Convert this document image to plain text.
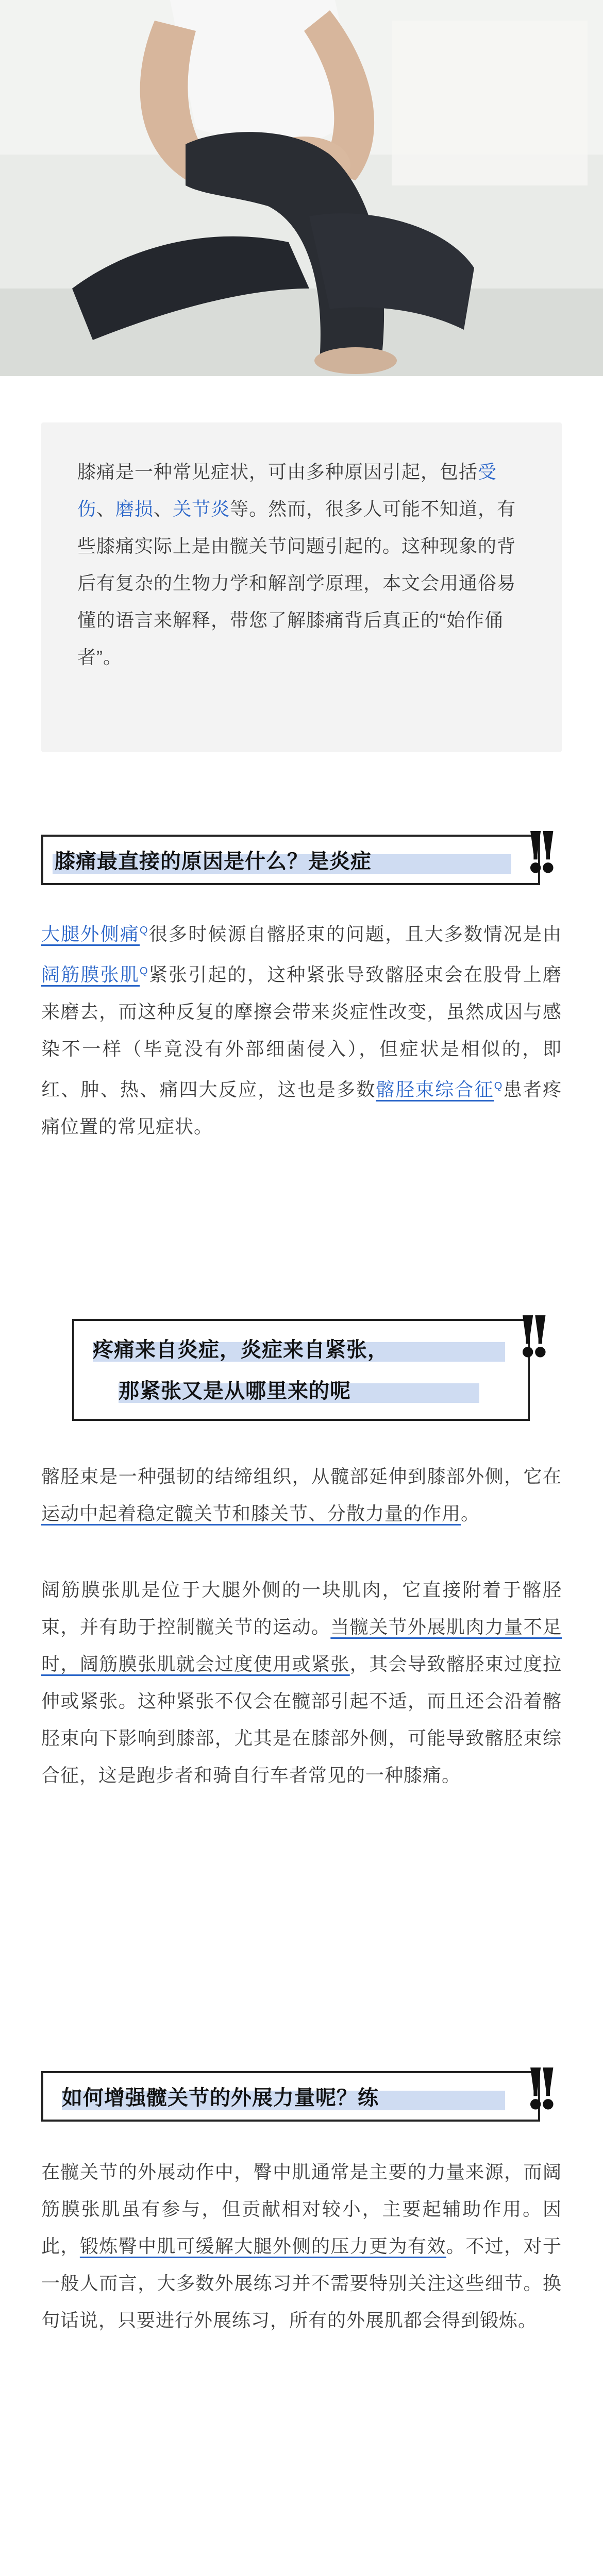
膝痛是一种常见症状，可由多种原因引起，包括受伤、磨损、关节炎等。然而，很多人可能不知道，有些膝痛实际上是由髋关节问题引起的。这种现象的背后有复杂的生物力学和解剖学原理，本文会用通俗易懂的语言来解释，带您了解膝痛背后真正的“始作俑者”。

膝痛最直接的原因是什么？是炎症	!!

大腿外侧痛$^Q$很多时候源自髂胫束的问题，且大多数情况是由阔筋膜张肌$^Q$紧张引起的，这种紧张导致髂胫束会在股骨上磨来磨去，而这种反复的摩擦会带来炎症性改变，虽然成因与感染不一样（毕竟没有外部细菌侵入），但症状是相似的，即红、肿、热、痛四大反应，这也是多数髂胫束综合征$^Q$患者疼痛位置的常见症状。

疼痛来自炎症，炎症来自紧张，
那紧张又是从哪里来的呢
!!

髂胫束是一种强韧的结缔组织，从髋部延伸到膝部外侧，它在运动中起着稳定髋关节和膝关节、分散力量的作用。

阔筋膜张肌是位于大腿外侧的一块肌肉，它直接附着于髂胫束，并有助于控制髋关节的运动。当髋关节外展肌肉力量不足时，阔筋膜张肌就会过度使用或紧张，其会导致髂胫束过度拉伸或紧张。这种紧张不仅会在髋部引起不适，而且还会沿着髂胫束向下影响到膝部，尤其是在膝部外侧，可能导致髂胫束综合征，这是跑步者和骑自行车者常见的一种膝痛。

如何增强髋关节的外展力量呢？练	!!

在髋关节的外展动作中，臀中肌通常是主要的力量来源，而阔筋膜张肌虽有参与，但贡献相对较小，主要起辅助作用。因此，锻炼臀中肌可缓解大腿外侧的压力更为有效。不过，对于一般人而言，大多数外展练习并不需要特别关注这些细节。换句话说，只要进行外展练习，所有的外展肌都会得到锻炼。
